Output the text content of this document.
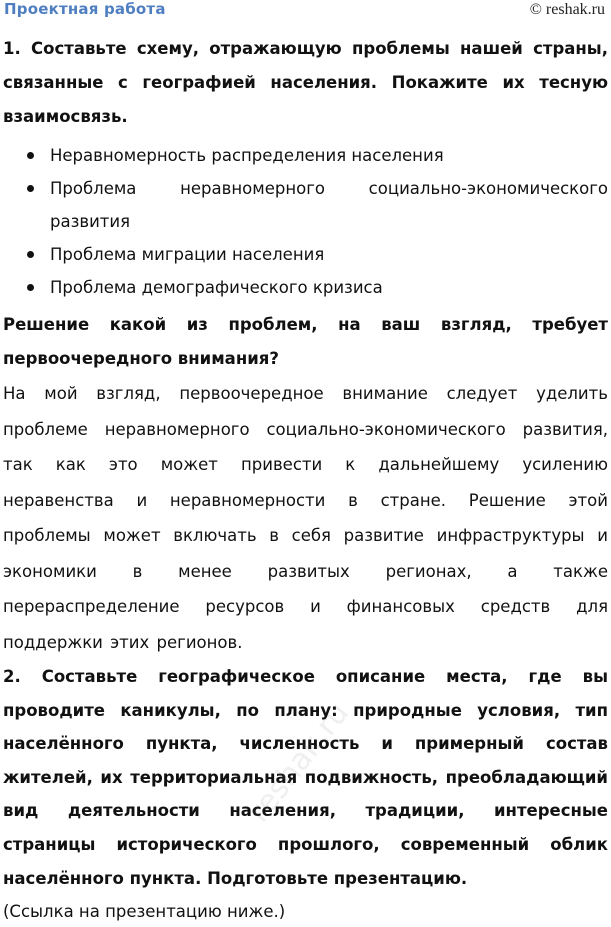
Проектная работа	© reshak.ru

1. Составьте схему, отражающую проблемы нашей страны, связанные с географией населения. Покажите их тесную взаимосвязь.

Неравномерность распределения населения
Проблема неравномерного социально-экономического развития
Проблема миграции населения
Проблема демографического кризиса

Решение какой из проблем, на ваш взгляд, требует первоочередного внимания?

На мой взгляд, первоочередное внимание следует уделить проблеме неравномерного социально-экономического развития, так как это может привести к дальнейшему усилению неравенства и неравномерности в стране. Решение этой проблемы может включать в себя развитие инфраструктуры и экономики в менее развитых регионах, а также перераспределение ресурсов и финансовых средств для поддержки этих регионов.

2. Составьте географическое описание места, где вы проводите каникулы, по плану: природные условия, тип населённого пункта, численность и примерный состав жителей, их территориальная подвижность, преобладающий вид деятельности населения, традиции, интересные страницы исторического прошлого, современный облик населённого пункта. Подготовьте презентацию.

(Ссылка на презентацию ниже.)

reshak.ru
